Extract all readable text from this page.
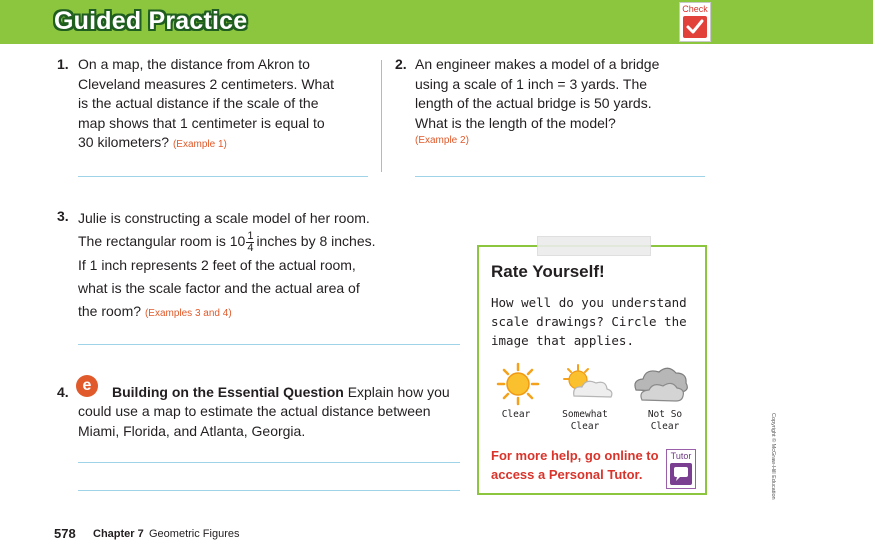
Guided Practice	Check
1. On a map, the distance from Akron to
Cleveland measures 2 centimeters. What
is the actual distance if the scale of the
map shows that 1 centimeter is equal to
30 kilometers? (Example 1)
2. An engineer makes a model of a bridge
using a scale of 1 inch = 3 yards. The
length of the actual bridge is 50 yards.
What is the length of the model?
(Example 2)
3. Julie is constructing a scale model of her room.
The rectangular room is $10 \frac{1}{4}$ inches by 8 inches.
If 1 inch represents 2 feet of the actual room,
what is the scale factor and the actual area of
the room? (Examples 3 and 4)
4. e	Building on the Essential Question Explain how you
could use a map to estimate the actual distance between
Miami, Florida, and Atlanta, Georgia.
Rate Yourself!
How well do you understand
scale drawings? Circle the
image that applies.
Clear	Somewhat
Clear
Not So
Clear
For more help, go online to
access a Personal Tutor.
Tutor
578 Chapter 7 Geometric Figures
Copyright © McGraw-Hill Education
